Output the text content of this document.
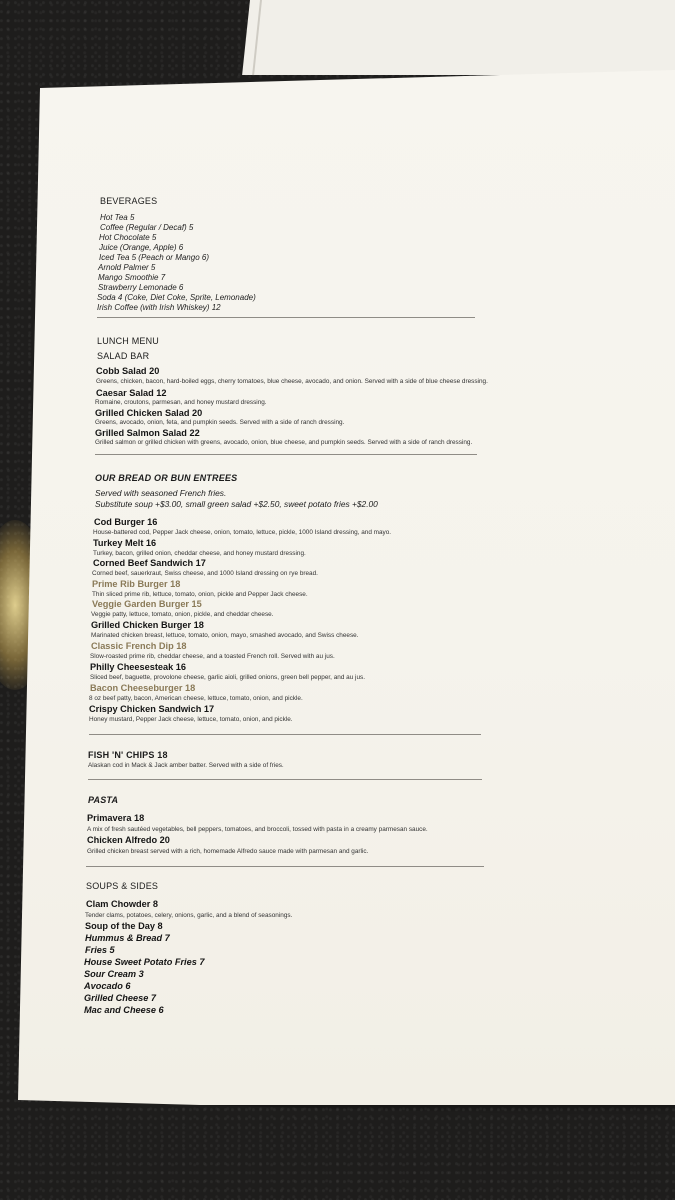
BEVERAGES
Hot Tea 5
Coffee (Regular / Decaf) 5
Hot Chocolate 5
Juice (Orange, Apple) 6
Iced Tea 5 (Peach or Mango 6)
Arnold Palmer 5
Mango Smoothie 7
Strawberry Lemonade 6
Soda 4 (Coke, Diet Coke, Sprite, Lemonade)
Irish Coffee (with Irish Whiskey) 12
LUNCH MENU
SALAD BAR
Cobb Salad 20
Greens, chicken, bacon, hard-boiled eggs, cherry tomatoes, blue cheese, avocado, and onion. Served with a side of blue cheese dressing.
Caesar Salad 12
Romaine, croutons, parmesan, and honey mustard dressing.
Grilled Chicken Salad 20
Greens, avocado, onion, feta, and pumpkin seeds. Served with a side of ranch dressing.
Grilled Salmon Salad 22
Grilled salmon or grilled chicken with greens, avocado, onion, blue cheese, and pumpkin seeds. Served with a side of ranch dressing.
OUR BREAD OR BUN ENTREES
Served with seasoned French fries.
Substitute soup +$3.00, small green salad +$2.50, sweet potato fries +$2.00
Cod Burger 16
House-battered cod, Pepper Jack cheese, onion, tomato, lettuce, pickle, 1000 Island dressing, and mayo.
Turkey Melt 16
Turkey, bacon, grilled onion, cheddar cheese, and honey mustard dressing.
Corned Beef Sandwich 17
Corned beef, sauerkraut, Swiss cheese, and 1000 Island dressing on rye bread.
Prime Rib Burger 18
Thin sliced prime rib, lettuce, tomato, onion, pickle and Pepper Jack cheese.
Veggie Garden Burger 15
Veggie patty, lettuce, tomato, onion, pickle, and cheddar cheese.
Grilled Chicken Burger 18
Marinated chicken breast, lettuce, tomato, onion, mayo, smashed avocado, and Swiss cheese.
Classic French Dip 18
Slow-roasted prime rib, cheddar cheese, and a toasted French roll. Served with au jus.
Philly Cheesesteak 16
Sliced beef, baguette, provolone cheese, garlic aioli, grilled onions, green bell pepper, and au jus.
Bacon Cheeseburger 18
8 oz beef patty, bacon, American cheese, lettuce, tomato, onion, and pickle.
Crispy Chicken Sandwich 17
Honey mustard, Pepper Jack cheese, lettuce, tomato, onion, and pickle.
FISH 'N' CHIPS 18
Alaskan cod in Mack & Jack amber batter. Served with a side of fries.
PASTA
Primavera 18
A mix of fresh sautéed vegetables, bell peppers, tomatoes, and broccoli, tossed with pasta in a creamy parmesan sauce.
Chicken Alfredo 20
Grilled chicken breast served with a rich, homemade Alfredo sauce made with parmesan and garlic.
SOUPS & SIDES
Clam Chowder 8
Tender clams, potatoes, celery, onions, garlic, and a blend of seasonings.
Soup of the Day 8
Hummus & Bread 7
Fries 5
House Sweet Potato Fries 7
Sour Cream 3
Avocado 6
Grilled Cheese 7
Mac and Cheese 6
